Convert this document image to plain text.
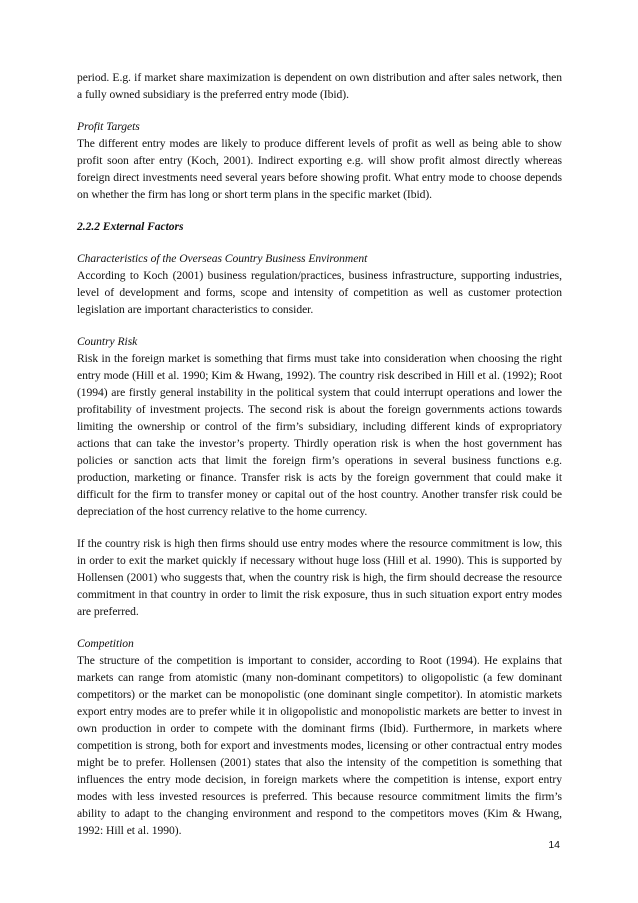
period. E.g. if market share maximization is dependent on own distribution and after sales network, then a fully owned subsidiary is the preferred entry mode (Ibid).

Profit Targets

The different entry modes are likely to produce different levels of profit as well as being able to show profit soon after entry (Koch, 2001). Indirect exporting e.g. will show profit almost directly whereas foreign direct investments need several years before showing profit. What entry mode to choose depends on whether the firm has long or short term plans in the specific market (Ibid).

2.2.2 External Factors

Characteristics of the Overseas Country Business Environment

According to Koch (2001) business regulation/practices, business infrastructure, supporting industries, level of development and forms, scope and intensity of competition as well as customer protection legislation are important characteristics to consider.

Country Risk

Risk in the foreign market is something that firms must take into consideration when choosing the right entry mode (Hill et al. 1990; Kim & Hwang, 1992). The country risk described in Hill et al. (1992); Root (1994) are firstly general instability in the political system that could interrupt operations and lower the profitability of investment projects. The second risk is about the foreign governments actions towards limiting the ownership or control of the firm’s subsidiary, including different kinds of expropriatory actions that can take the investor’s property. Thirdly operation risk is when the host government has policies or sanction acts that limit the foreign firm’s operations in several business functions e.g. production, marketing or finance. Transfer risk is acts by the foreign government that could make it difficult for the firm to transfer money or capital out of the host country. Another transfer risk could be depreciation of the host currency relative to the home currency.

If the country risk is high then firms should use entry modes where the resource commitment is low, this in order to exit the market quickly if necessary without huge loss (Hill et al. 1990). This is supported by Hollensen (2001) who suggests that, when the country risk is high, the firm should decrease the resource commitment in that country in order to limit the risk exposure, thus in such situation export entry modes are preferred.

Competition

The structure of the competition is important to consider, according to Root (1994). He explains that markets can range from atomistic (many non-dominant competitors) to oligopolistic (a few dominant competitors) or the market can be monopolistic (one dominant single competitor). In atomistic markets export entry modes are to prefer while it in oligopolistic and monopolistic markets are better to invest in own production in order to compete with the dominant firms (Ibid). Furthermore, in markets where competition is strong, both for export and investments modes, licensing or other contractual entry modes might be to prefer. Hollensen (2001) states that also the intensity of the competition is something that influences the entry mode decision, in foreign markets where the competition is intense, export entry modes with less invested resources is preferred. This because resource commitment limits the firm’s ability to adapt to the changing environment and respond to the competitors moves (Kim & Hwang, 1992: Hill et al. 1990).

14
